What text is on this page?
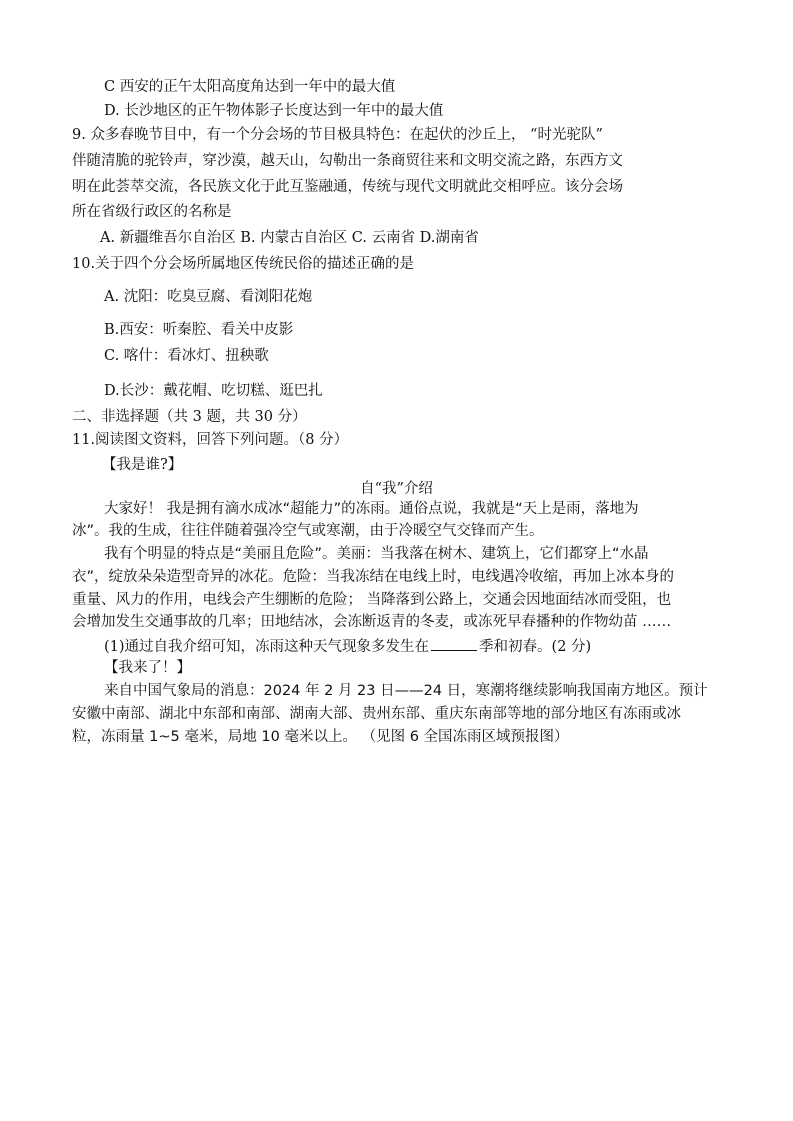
C 西安的正午太阳高度角达到一年中的最大值
D. 长沙地区的正午物体影子长度达到一年中的最大值
9. 众多春晚节目中，有一个分会场的节目极具特色：在起伏的沙丘上， “时光驼队”
伴随清脆的驼铃声，穿沙漠，越天山，勾勒出一条商贸往来和文明交流之路，东西方文
明在此荟萃交流，各民族文化于此互鉴融通，传统与现代文明就此交相呼应。该分会场
所在省级行政区的名称是
A. 新疆维吾尔自治区 B. 内蒙古自治区 C. 云南省 D.湖南省
10.关于四个分会场所属地区传统民俗的描述正确的是
A. 沈阳：吃臭豆腐、看浏阳花炮
B.西安：听秦腔、看关中皮影
C. 喀什：看冰灯、扭秧歌
D.长沙：戴花帽、吃切糕、逛巴扎
二、非选择题（共 3 题，共 30 分）
11.阅读图文资料，回答下列问题。（8 分）
【我是谁?】
自“我”介绍
大家好！ 我是拥有滴水成冰“超能力”的冻雨。通俗点说，我就是“天上是雨，落地为
冰”。我的生成，往往伴随着强冷空气或寒潮，由于冷暖空气交锋而产生。
我有个明显的特点是“美丽且危险”。美丽：当我落在树木、建筑上，它们都穿上“水晶
衣”，绽放朵朵造型奇异的冰花。危险：当我冻结在电线上时，电线遇冷收缩，再加上冰本身的
重量、风力的作用，电线会产生绷断的危险； 当降落到公路上，交通会因地面结冰而受阻，也
会增加发生交通事故的几率；田地结冰，会冻断返青的冬麦，或冻死早春播种的作物幼苗 ……
(1)通过自我介绍可知，冻雨这种天气现象多发生在	季和初春。(2 分)
【我来了！】
来自中国气象局的消息：2024 年 2 月 23 日——24 日，寒潮将继续影响我国南方地区。预计
安徽中南部、湖北中东部和南部、湖南大部、贵州东部、重庆东南部等地的部分地区有冻雨或冰
粒，冻雨量 1~5 毫米，局地 10 毫米以上。 （见图 6 全国冻雨区域预报图）
